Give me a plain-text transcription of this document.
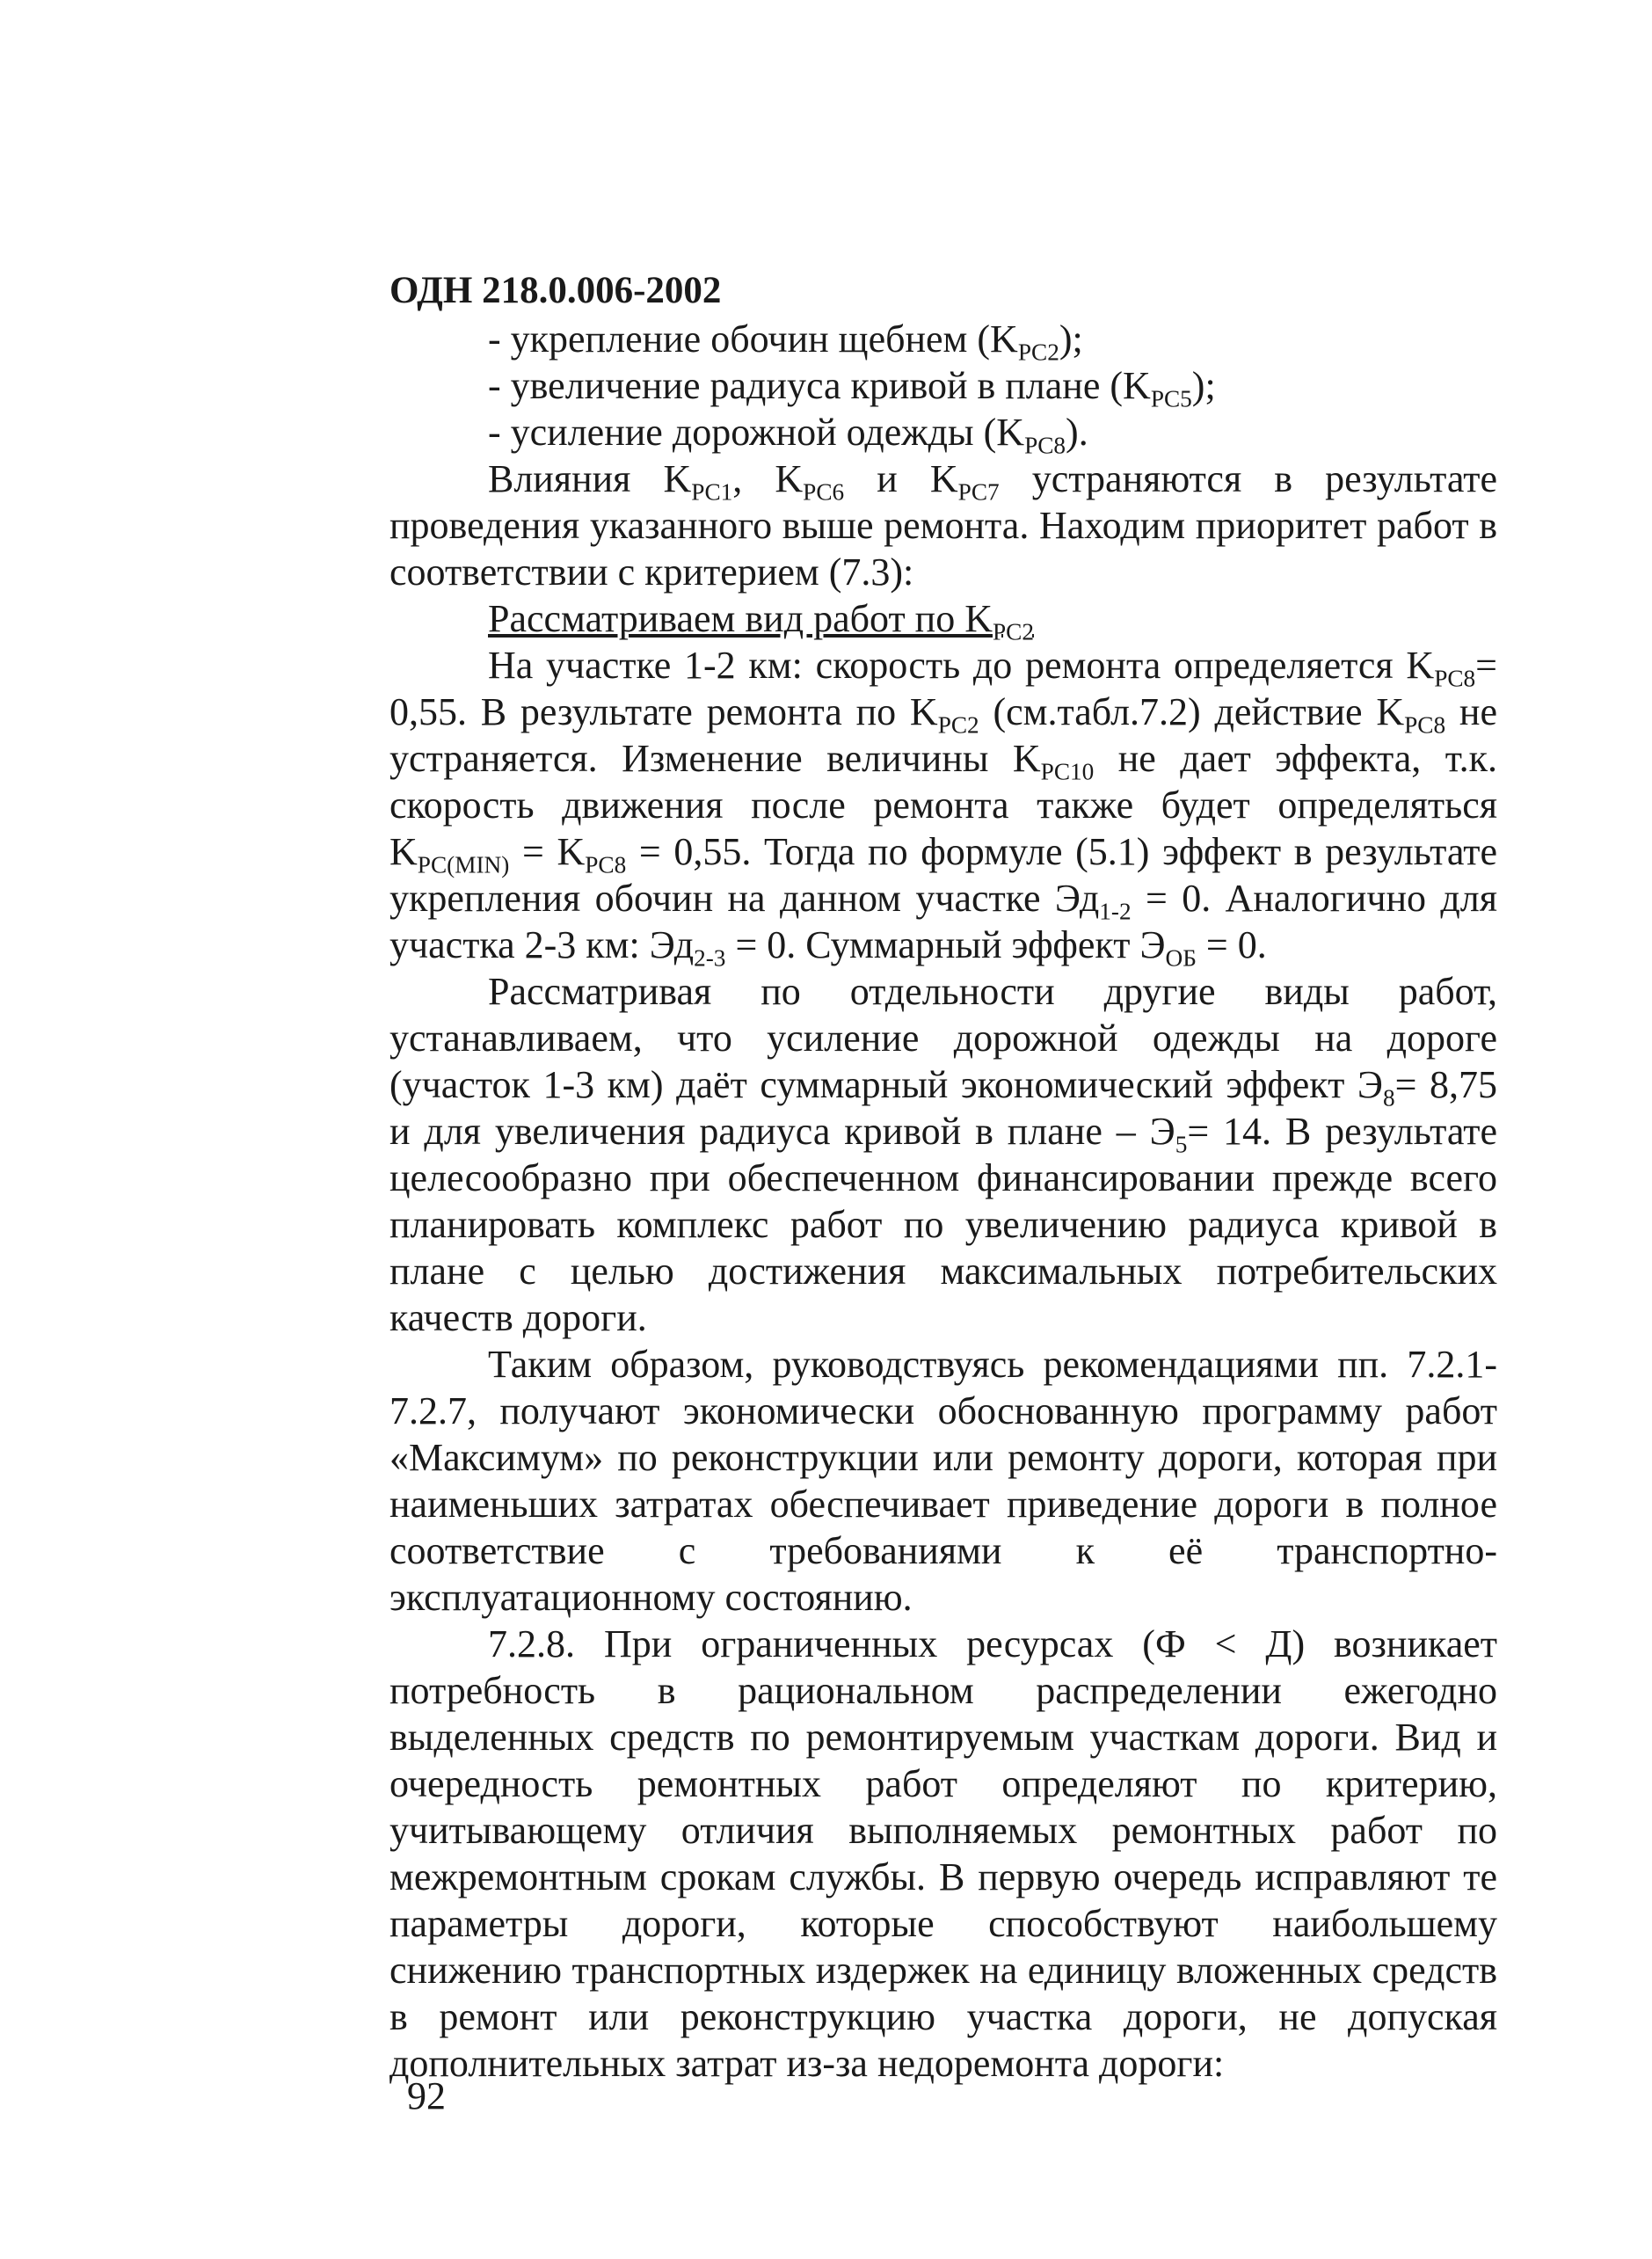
ОДН 218.0.006-2002
- укрепление обочин щебнем $(K_{PC2})$;
- увеличение радиуса кривой в плане $(K_{PC5})$;
- усиление дорожной одежды $(K_{PC8})$.

Влияния $K_{PC1}$, $K_{PC6}$ и $K_{PC7}$ устраняются в результате проведения указанного выше ремонта. Находим приоритет работ в соответствии с критерием (7.3):

Рассматриваем вид работ по $K_{PC2}$

На участке 1-2 км: скорость до ремонта определяется $K_{PC8}= 0,55$. В результате ремонта по $K_{PC2}$ (см.табл.7.2) действие $K_{PC8}$ не устраняется. Изменение величины $K_{PC10}$ не дает эффекта, т.к. скорость движения после ремонта также будет определяться $K_{PC(MIN)} = K_{PC8} = 0,55$. Тогда по формуле (5.1) эффект в результате укрепления обочин на данном участке $Эд_{1-2} = 0$. Аналогично для участка 2-3 км: $Эд_{2-3} = 0$. Суммарный эффект $Э_{ОБ} = 0$.

Рассматривая по отдельности другие виды работ, устанавливаем, что усиление дорожной одежды на дороге (участок 1-3 км) даёт суммарный экономический эффект $Э_8= 8,75$ и для увеличения радиуса кривой в плане – $Э_5= 14$. В результате целесообразно при обеспеченном финансировании прежде всего планировать комплекс работ по увеличению радиуса кривой в плане с целью достижения максимальных потребительских качеств дороги.

Таким образом, руководствуясь рекомендациями пп. 7.2.1-7.2.7, получают экономически обоснованную программу работ «Максимум» по реконструкции или ремонту дороги, которая при наименьших затратах обеспечивает приведение дороги в полное соответствие с требованиями к её транспортно-эксплуатационному состоянию.

7.2.8. При ограниченных ресурсах (Ф < Д) возникает потребность в рациональном распределении ежегодно выделенных средств по ремонтируемым участкам дороги. Вид и очередность ремонтных работ определяют по критерию, учитывающему отличия выполняемых ремонтных работ по межремонтным срокам службы. В первую очередь исправляют те параметры дороги, которые способствуют наибольшему снижению транспортных издержек на единицу вложенных средств в ремонт или реконструкцию участка дороги, не допуская дополнительных затрат из-за недоремонта дороги:

92
